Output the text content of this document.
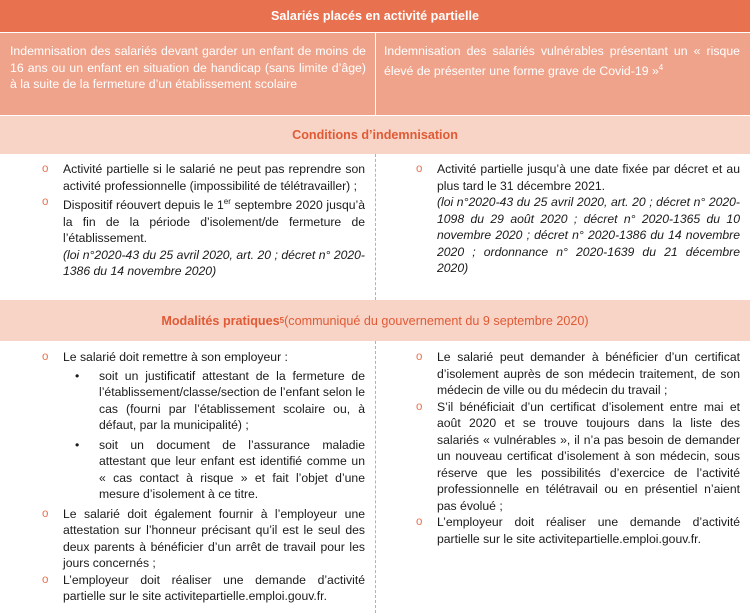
Salariés placés en activité partielle
Indemnisation des salariés devant garder un enfant de moins de 16 ans ou un enfant en situation de handicap (sans limite d’âge) à la suite de la fermeture d’un établissement scolaire
Indemnisation des salariés vulnérables présentant un « risque élevé de présenter une forme grave de Covid-19 »$^4$
Conditions d’indemnisation
o Activité partielle si le salarié ne peut pas reprendre son activité professionnelle (impossibilité de télétravailler) ;
o Dispositif réouvert depuis le 1er septembre 2020 jusqu’à la fin de la période d’isolement/de fermeture de l’établissement.
(loi n°2020-43 du 25 avril 2020, art. 20 ; décret n° 2020-1386 du 14 novembre 2020)
o Activité partielle jusqu’à une date fixée par décret et au plus tard le 31 décembre 2021.
(loi n°2020-43 du 25 avril 2020, art. 20 ; décret n° 2020-1098 du 29 août 2020 ; décret n° 2020-1365 du 10 novembre 2020 ; décret n° 2020-1386 du 14 novembre 2020 ; ordonnance n° 2020-1639 du 21 décembre 2020)
Modalités pratiques 5 (communiqué du gouvernement du 9 septembre 2020)
o Le salarié doit remettre à son employeur :
• soit un justificatif attestant de la fermeture de l’établissement/classe/section de l’enfant selon le cas (fourni par l’établissement scolaire ou, à défaut, par la municipalité) ;
• soit un document de l’assurance maladie attestant que leur enfant est identifié comme un « cas contact à risque » et fait l’objet d’une mesure d’isolement à ce titre.
o Le salarié doit également fournir à l’employeur une attestation sur l’honneur précisant qu’il est le seul des deux parents à bénéficier d’un arrêt de travail pour les jours concernés ;
o L’employeur doit réaliser une demande d’activité partielle sur le site activitepartielle.emploi.gouv.fr.
o Le salarié peut demander à bénéficier d’un certificat d’isolement auprès de son médecin traitement, de son médecin de ville ou du médecin du travail ;
o S’il bénéficiait d’un certificat d’isolement entre mai et août 2020 et se trouve toujours dans la liste des salariés « vulnérables », il n’a pas besoin de demander un nouveau certificat d’isolement à son médecin, sous réserve que les possibilités d’exercice de l’activité professionnelle en télétravail ou en présentiel n’aient pas évolué ;
o L’employeur doit réaliser une demande d’activité partielle sur le site activitepartielle.emploi.gouv.fr.
